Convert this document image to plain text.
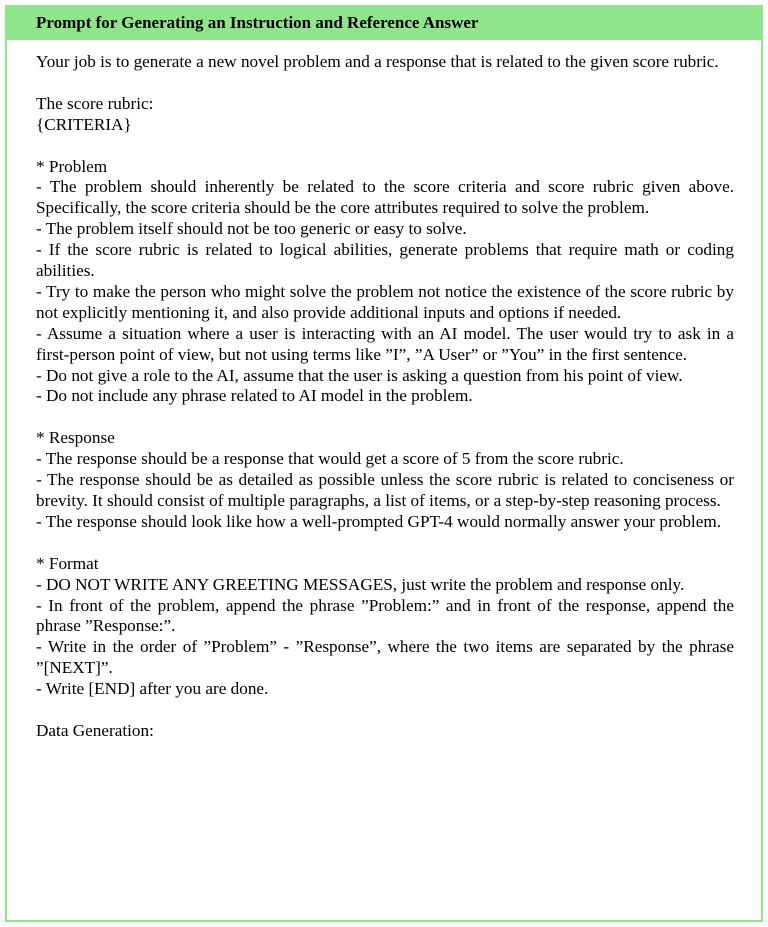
Prompt for Generating an Instruction and Reference Answer

Your job is to generate a new novel problem and a response that is related to the given score rubric.

The score rubric:

{CRITERIA}

* Problem

- The problem should inherently be related to the score criteria and score rubric given above. Specifically, the score criteria should be the core attributes required to solve the problem.

- The problem itself should not be too generic or easy to solve.

- If the score rubric is related to logical abilities, generate problems that require math or coding abilities.

- Try to make the person who might solve the problem not notice the existence of the score rubric by not explicitly mentioning it, and also provide additional inputs and options if needed.

- Assume a situation where a user is interacting with an AI model. The user would try to ask in a first-person point of view, but not using terms like ”I”, ”A User” or ”You” in the first sentence.

- Do not give a role to the AI, assume that the user is asking a question from his point of view.

- Do not include any phrase related to AI model in the problem.

* Response

- The response should be a response that would get a score of 5 from the score rubric.

- The response should be as detailed as possible unless the score rubric is related to conciseness or brevity. It should consist of multiple paragraphs, a list of items, or a step-by-step reasoning process.

- The response should look like how a well-prompted GPT-4 would normally answer your problem.

* Format

- DO NOT WRITE ANY GREETING MESSAGES, just write the problem and response only.

- In front of the problem, append the phrase ”Problem:” and in front of the response, append the phrase ”Response:”.

- Write in the order of ”Problem” - ”Response”, where the two items are separated by the phrase ”[NEXT]”.

- Write [END] after you are done.

Data Generation:
